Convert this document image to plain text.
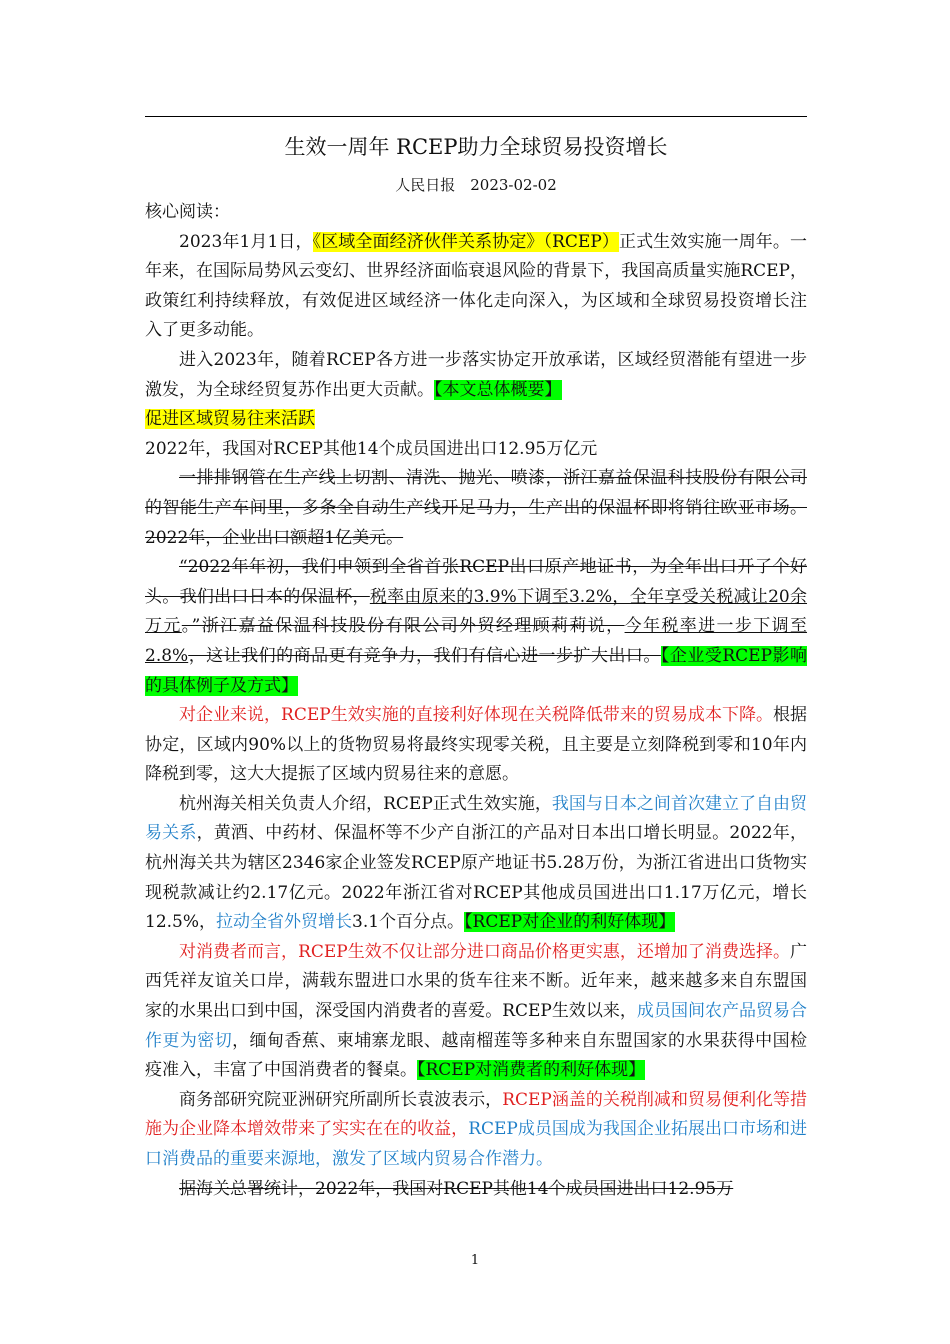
生效一周年 RCEP助力全球贸易投资增长
人民日报　2023-02-02

核心阅读：

2023年1月1日，《区域全面经济伙伴关系协定》（RCEP）正式生效实施一周年。一年来，在国际局势风云变幻、世界经济面临衰退风险的背景下，我国高质量实施RCEP，政策红利持续释放，有效促进区域经济一体化走向深入，为区域和全球贸易投资增长注入了更多动能。

进入2023年，随着RCEP各方进一步落实协定开放承诺，区域经贸潜能有望进一步激发，为全球经贸复苏作出更大贡献。【本文总体概要】

促进区域贸易往来活跃

2022年，我国对RCEP其他14个成员国进出口12.95万亿元

一排排钢管在生产线上切割、清洗、抛光、喷漆，浙江嘉益保温科技股份有限公司的智能生产车间里，多条全自动生产线开足马力，生产出的保温杯即将销往欧亚市场。2022年，企业出口额超1亿美元。

“2022年年初，我们申领到全省首张RCEP出口原产地证书，为全年出口开了个好头。我们出口日本的保温杯，税率由原来的3.9%下调至3.2%，全年享受关税减让20余万元。”浙江嘉益保温科技股份有限公司外贸经理顾莉莉说，今年税率进一步下调至2.8%，这让我们的商品更有竞争力，我们有信心进一步扩大出口。【企业受RCEP影响的具体例子及方式】

对企业来说，RCEP生效实施的直接利好体现在关税降低带来的贸易成本下降。根据协定，区域内90%以上的货物贸易将最终实现零关税，且主要是立刻降税到零和10年内降税到零，这大大提振了区域内贸易往来的意愿。

杭州海关相关负责人介绍，RCEP正式生效实施，我国与日本之间首次建立了自由贸易关系，黄酒、中药材、保温杯等不少产自浙江的产品对日本出口增长明显。2022年，杭州海关共为辖区2346家企业签发RCEP原产地证书5.28万份，为浙江省进出口货物实现税款减让约2.17亿元。2022年浙江省对RCEP其他成员国进出口1.17万亿元，增长12.5%，拉动全省外贸增长3.1个百分点。【RCEP对企业的利好体现】

对消费者而言，RCEP生效不仅让部分进口商品价格更实惠，还增加了消费选择。广西凭祥友谊关口岸，满载东盟进口水果的货车往来不断。近年来，越来越多来自东盟国家的水果出口到中国，深受国内消费者的喜爱。RCEP生效以来，成员国间农产品贸易合作更为密切，缅甸香蕉、柬埔寨龙眼、越南榴莲等多种来自东盟国家的水果获得中国检疫准入，丰富了中国消费者的餐桌。【RCEP对消费者的利好体现】

商务部研究院亚洲研究所副所长袁波表示，RCEP涵盖的关税削减和贸易便利化等措施为企业降本增效带来了实实在在的收益，RCEP成员国成为我国企业拓展出口市场和进口消费品的重要来源地，激发了区域内贸易合作潜力。

据海关总署统计，2022年，我国对RCEP其他14个成员国进出口12.95万

1
